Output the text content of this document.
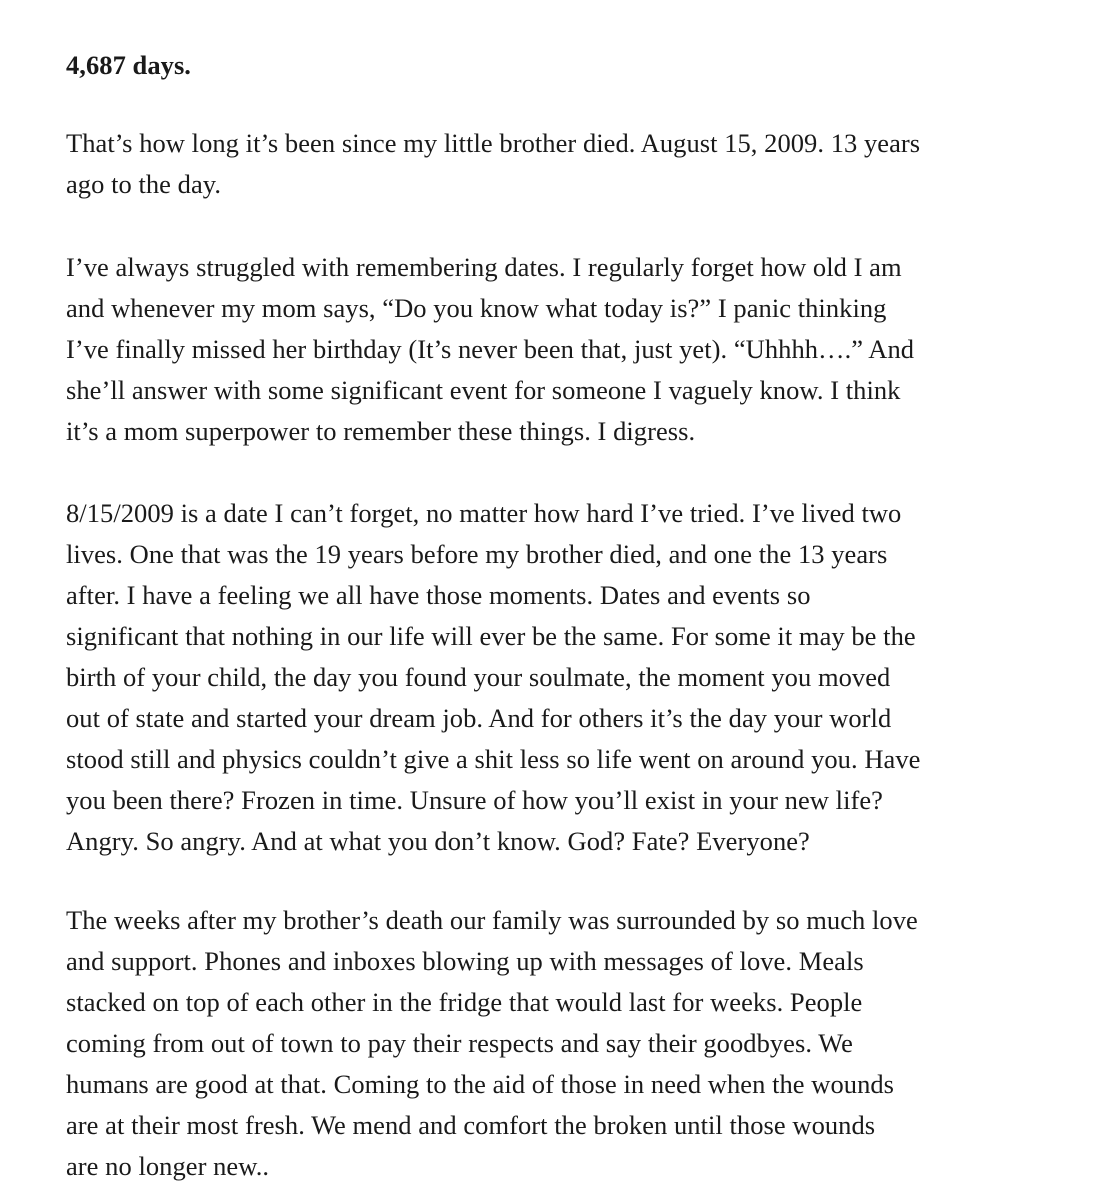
4,687 days.
That’s how long it’s been since my little brother died. August 15, 2009. 13 years
ago to the day.
I’ve always struggled with remembering dates. I regularly forget how old I am
and whenever my mom says, “Do you know what today is?” I panic thinking
I’ve finally missed her birthday (It’s never been that, just yet). “Uhhhh….” And
she’ll answer with some significant event for someone I vaguely know. I think
it’s a mom superpower to remember these things. I digress.
8/15/2009 is a date I can’t forget, no matter how hard I’ve tried. I’ve lived two
lives. One that was the 19 years before my brother died, and one the 13 years
after. I have a feeling we all have those moments. Dates and events so
significant that nothing in our life will ever be the same. For some it may be the
birth of your child, the day you found your soulmate, the moment you moved
out of state and started your dream job. And for others it’s the day your world
stood still and physics couldn’t give a shit less so life went on around you. Have
you been there? Frozen in time. Unsure of how you’ll exist in your new life?
Angry. So angry. And at what you don’t know. God? Fate? Everyone?
The weeks after my brother’s death our family was surrounded by so much love
and support. Phones and inboxes blowing up with messages of love. Meals
stacked on top of each other in the fridge that would last for weeks. People
coming from out of town to pay their respects and say their goodbyes. We
humans are good at that. Coming to the aid of those in need when the wounds
are at their most fresh. We mend and comfort the broken until those wounds
are no longer new..
